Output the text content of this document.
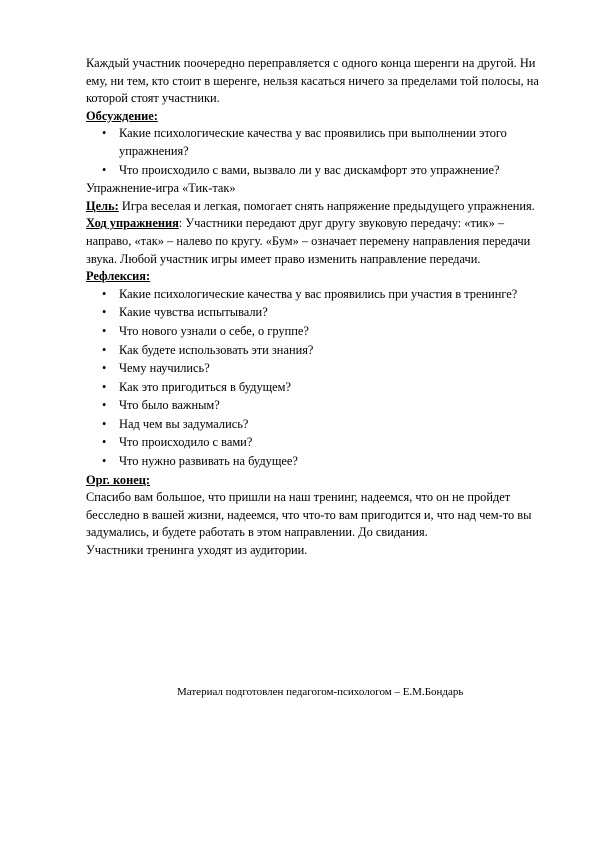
Каждый участник поочередно переправляется с одного конца шеренги на другой. Ни ему, ни тем, кто стоит в шеренге, нельзя касаться ничего за пределами той полосы, на которой стоят участники.

Обсуждение:

• Какие психологические качества у вас проявились при выполнении этого упражнения?
• Что происходило с вами, вызвало ли у вас дискамфорт это упражнение?

Упражнение-игра «Тик-так»

Цель: Игра веселая и легкая, помогает снять напряжение предыдущего упражнения.

Ход упражнения: Участники передают друг другу звуковую передачу: «тик» – направо, «так» – налево по кругу. «Бум» – означает перемену направления передачи звука. Любой участник игры имеет право изменить направление передачи.

Рефлексия:

• Какие психологические качества у вас проявились при участия в тренинге?
• Какие чувства испытывали?
• Что нового узнали о себе, о группе?
• Как будете использовать эти знания?
• Чему научились?
• Как это пригодиться в будущем?
• Что было важным?
• Над чем вы задумались?
• Что происходило с вами?
• Что нужно развивать на будущее?

Орг. конец:

Спасибо вам большое, что пришли на наш тренинг, надеемся, что он не пройдет бесследно в вашей жизни, надеемся, что что-то вам пригодится и, что над чем-то вы задумались, и будете работать в этом направлении. До свидания.

Участники тренинга уходят из аудитории.

Материал подготовлен педагогом-психологом – Е.М.Бондарь
